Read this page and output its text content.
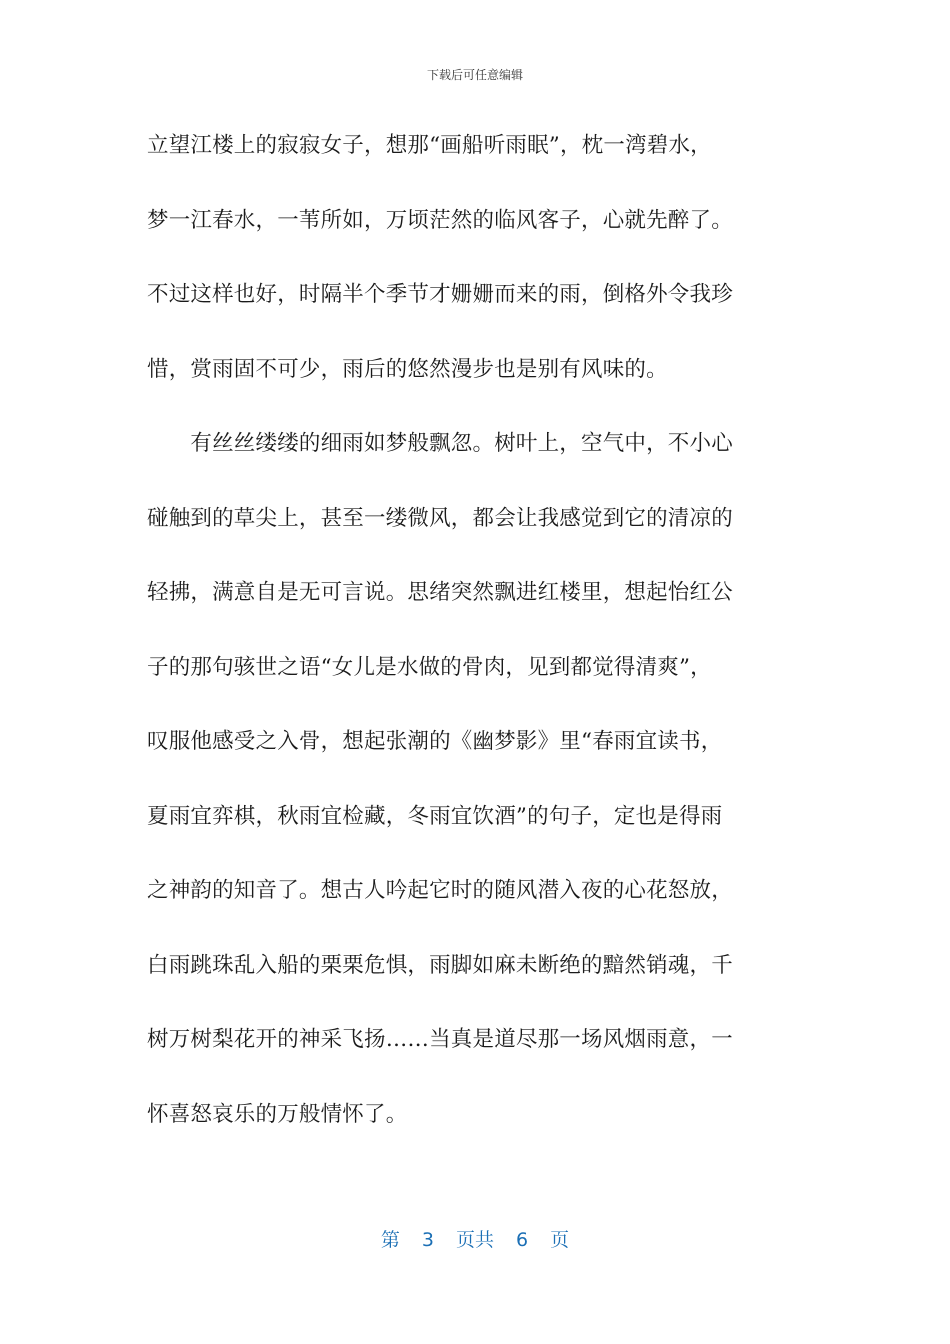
下载后可任意编辑
立望江楼上的寂寂女子，想那“画船听雨眠”，枕一湾碧水，
梦一江春水，一苇所如，万顷茫然的临风客子，心就先醉了。
不过这样也好，时隔半个季节才姗姗而来的雨，倒格外令我珍
惜，赏雨固不可少，雨后的悠然漫步也是别有风味的。
　　有丝丝缕缕的细雨如梦般飘忽。树叶上，空气中，不小心
碰触到的草尖上，甚至一缕微风，都会让我感觉到它的清凉的
轻拂，满意自是无可言说。思绪突然飘进红楼里，想起怡红公
子的那句骇世之语“女儿是水做的骨肉，见到都觉得清爽”，
叹服他感受之入骨，想起张潮的《幽梦影》里“春雨宜读书，
夏雨宜弈棋，秋雨宜检藏，冬雨宜饮酒”的句子，定也是得雨
之神韵的知音了。想古人吟起它时的随风潜入夜的心花怒放，
白雨跳珠乱入船的栗栗危惧，雨脚如麻未断绝的黯然销魂，千
树万树梨花开的神采飞扬……当真是道尽那一场风烟雨意，一
怀喜怒哀乐的万般情怀了。
第 3 页共 6 页
